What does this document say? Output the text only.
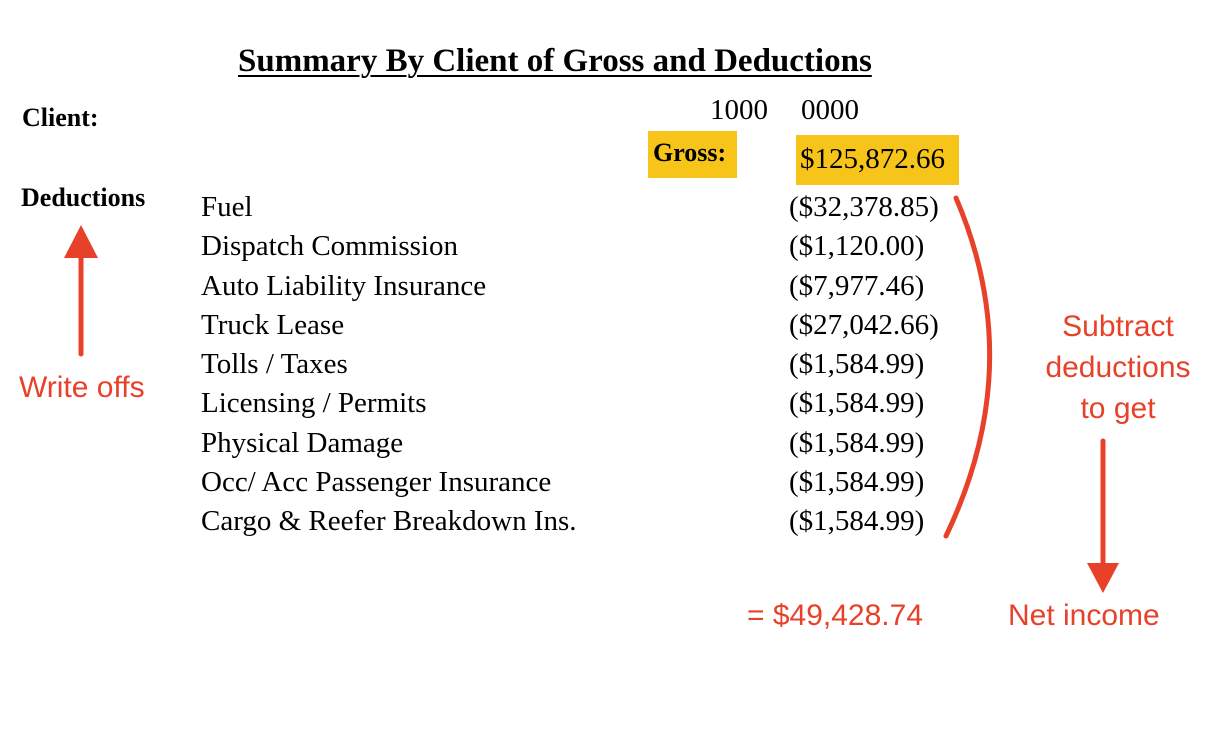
Summary By Client of Gross and Deductions
Client:	1000 0000
Gross:	$125,872.66
Deductions Fuel	($32,378.85)
Dispatch Commission	($1,120.00)
Auto Liability Insurance	($7,977.46)
Truck Lease	($27,042.66)
Tolls / Taxes	($1,584.99)
Licensing / Permits	($1,584.99)
Physical Damage	($1,584.99)
Occ/ Acc Passenger Insurance	($1,584.99)
Cargo & Reefer Breakdown Ins.	($1,584.99)
Write offs
Subtract
deductions
to get
= $49,428.74	Net income
